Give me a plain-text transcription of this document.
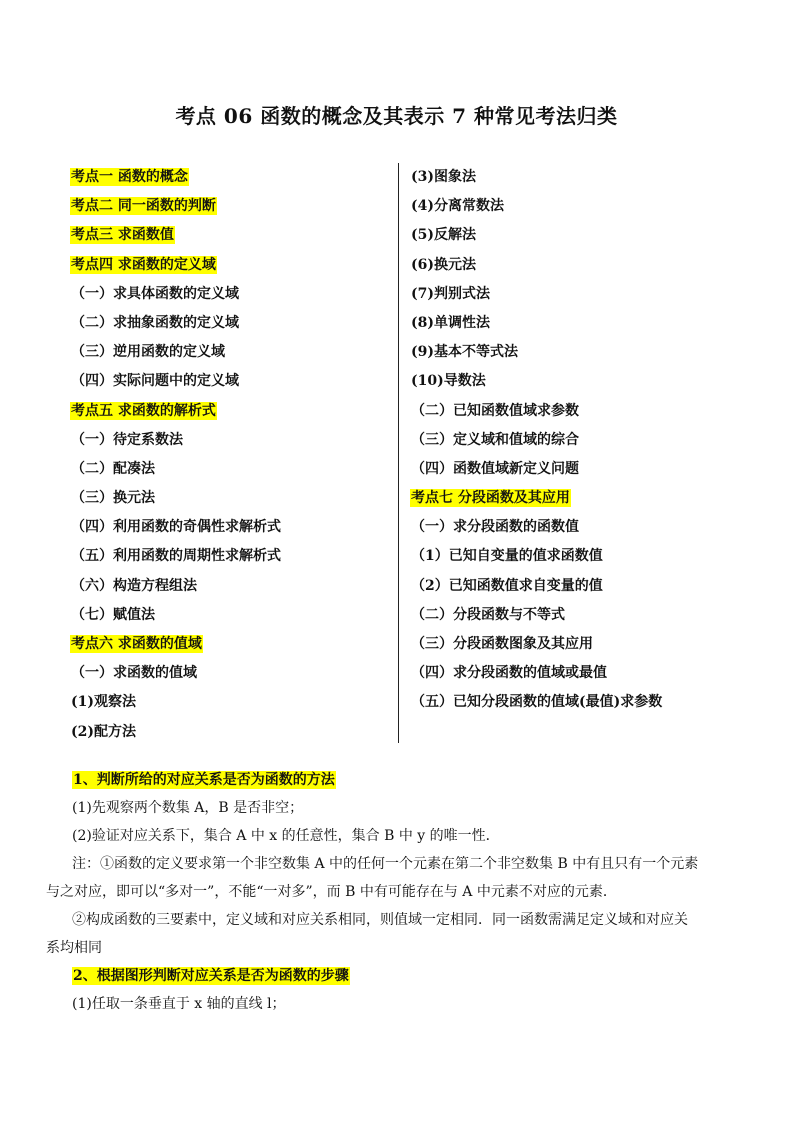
考点 06 函数的概念及其表示 7 种常见考法归类
考点一 函数的概念
考点二 同一函数的判断
考点三 求函数值
考点四 求函数的定义域
（一）求具体函数的定义域
（二）求抽象函数的定义域
（三）逆用函数的定义域
（四）实际问题中的定义域
考点五 求函数的解析式
（一）待定系数法
（二）配凑法
（三）换元法
（四）利用函数的奇偶性求解析式
（五）利用函数的周期性求解析式
（六）构造方程组法
（七）赋值法
考点六 求函数的值域
（一）求函数的值域
(1)观察法
(2)配方法
(3)图象法
(4)分离常数法
(5)反解法
(6)换元法
(7)判别式法
(8)单调性法
(9)基本不等式法
(10)导数法
（二）已知函数值域求参数
（三）定义域和值域的综合
（四）函数值域新定义问题
考点七 分段函数及其应用
（一）求分段函数的函数值
（1）已知自变量的值求函数值
（2）已知函数值求自变量的值
（二）分段函数与不等式
（三）分段函数图象及其应用
（四）求分段函数的值域或最值
（五）已知分段函数的值域(最值)求参数
1、判断所给的对应关系是否为函数的方法
(1)先观察两个数集 A，B 是否非空；
(2)验证对应关系下，集合 A 中 x 的任意性，集合 B 中 y 的唯一性．
注：①函数的定义要求第一个非空数集 A 中的任何一个元素在第二个非空数集 B 中有且只有一个元素
与之对应，即可以“多对一”，不能“一对多”，而 B 中有可能存在与 A 中元素不对应的元素．
②构成函数的三要素中，定义域和对应关系相同，则值域一定相同．同一函数需满足定义域和对应关
系均相同
2、根据图形判断对应关系是否为函数的步骤
(1)任取一条垂直于 x 轴的直线 l；
